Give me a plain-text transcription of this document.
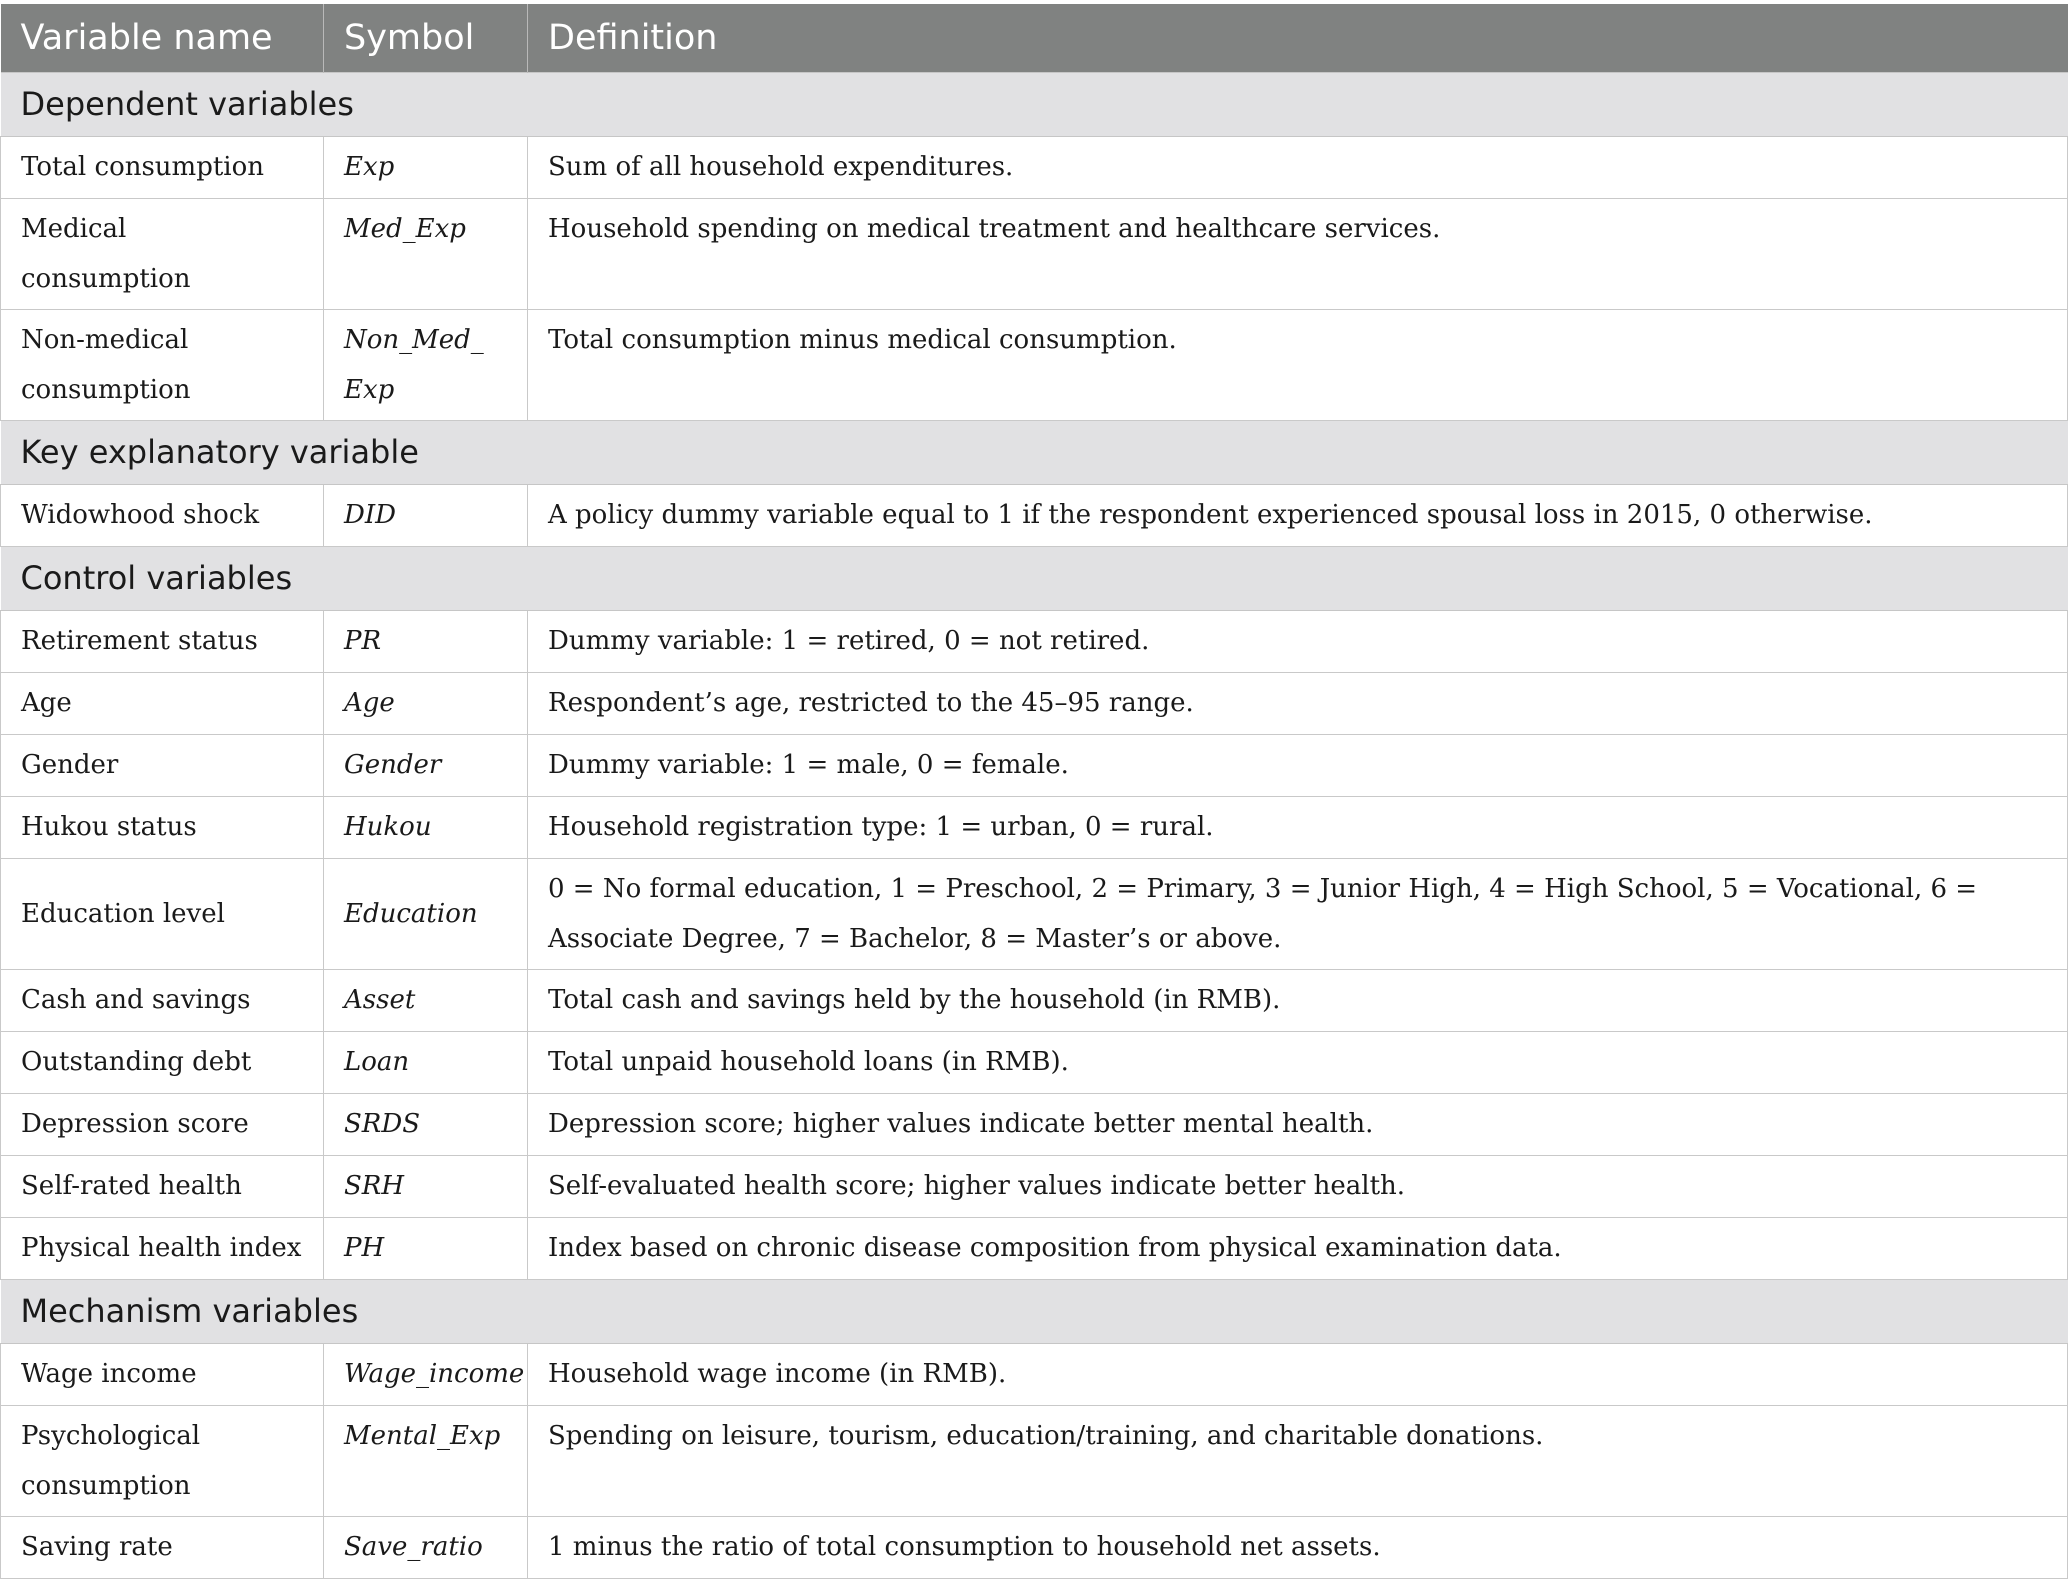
Variable name	Symbol	Definition
Dependent variables		
Total consumption	Exp	Sum of all household expenditures.
Medical consumption	Med_Exp	Household spending on medical treatment and healthcare services.
Non-medical consumption	Non_Med_ Exp	Total consumption minus medical consumption.
Key explanatory variable		
Widowhood shock	DID	A policy dummy variable equal to 1 if the respondent experienced spousal loss in 2015, 0 otherwise.
Control variables		
Retirement status	PR	Dummy variable: 1 = retired, 0 = not retired.
Age	Age	Respondent’s age, restricted to the 45–95 range.
Gender	Gender	Dummy variable: 1 = male, 0 = female.
Hukou status	Hukou	Household registration type: 1 = urban, 0 = rural.
Education level	Education	0 = No formal education, 1 = Preschool, 2 = Primary, 3 = Junior High, 4 = High School, 5 = Vocational, 6 = Associate Degree, 7 = Bachelor, 8 = Master’s or above.
Cash and savings	Asset	Total cash and savings held by the household (in RMB).
Outstanding debt	Loan	Total unpaid household loans (in RMB).
Depression score	SRDS	Depression score; higher values indicate better mental health.
Self-rated health	SRH	Self-evaluated health score; higher values indicate better health.
Physical health index	PH	Index based on chronic disease composition from physical examination data.
Mechanism variables		
Wage income	Wage_income	Household wage income (in RMB).
Psychological consumption	Mental_Exp	Spending on leisure, tourism, education/training, and charitable donations.
Saving rate	Save_ratio	1 minus the ratio of total consumption to household net assets.
